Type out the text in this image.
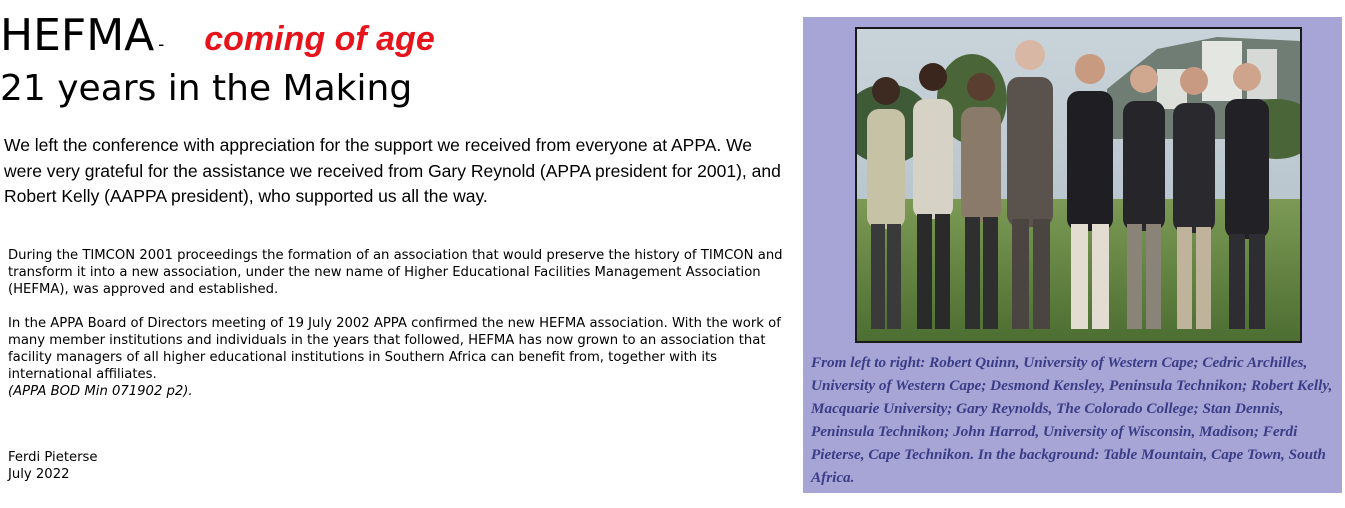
HEFMA - coming of age
21 years in the Making

We left the conference with appreciation for the support we received from everyone at APPA. We were very grateful for the assistance we received from Gary Reynold (APPA president for 2001), and Robert Kelly (AAPPA president), who supported us all the way.

During the TIMCON 2001 proceedings the formation of an association that would preserve the history of TIMCON and transform it into a new association, under the new name of Higher Educational Facilities Management Association (HEFMA), was approved and established.

In the APPA Board of Directors meeting of 19 July 2002 APPA confirmed the new HEFMA association. With the work of many member institutions and individuals in the years that followed, HEFMA has now grown to an association that facility managers of all higher educational institutions in Southern Africa can benefit from, together with its international affiliates.
(APPA BOD Min 071902 p2).
Ferdi Pieterse
July 2022

From left to right: Robert Quinn, University of Western Cape; Cedric Archilles, University of Western Cape; Desmond Kensley, Peninsula Technikon; Robert Kelly, Macquarie University; Gary Reynolds, The Colorado College; Stan Dennis, Peninsula Technikon; John Harrod, University of Wisconsin, Madison; Ferdi Pieterse, Cape Technikon. In the background: Table Mountain, Cape Town, South Africa.
